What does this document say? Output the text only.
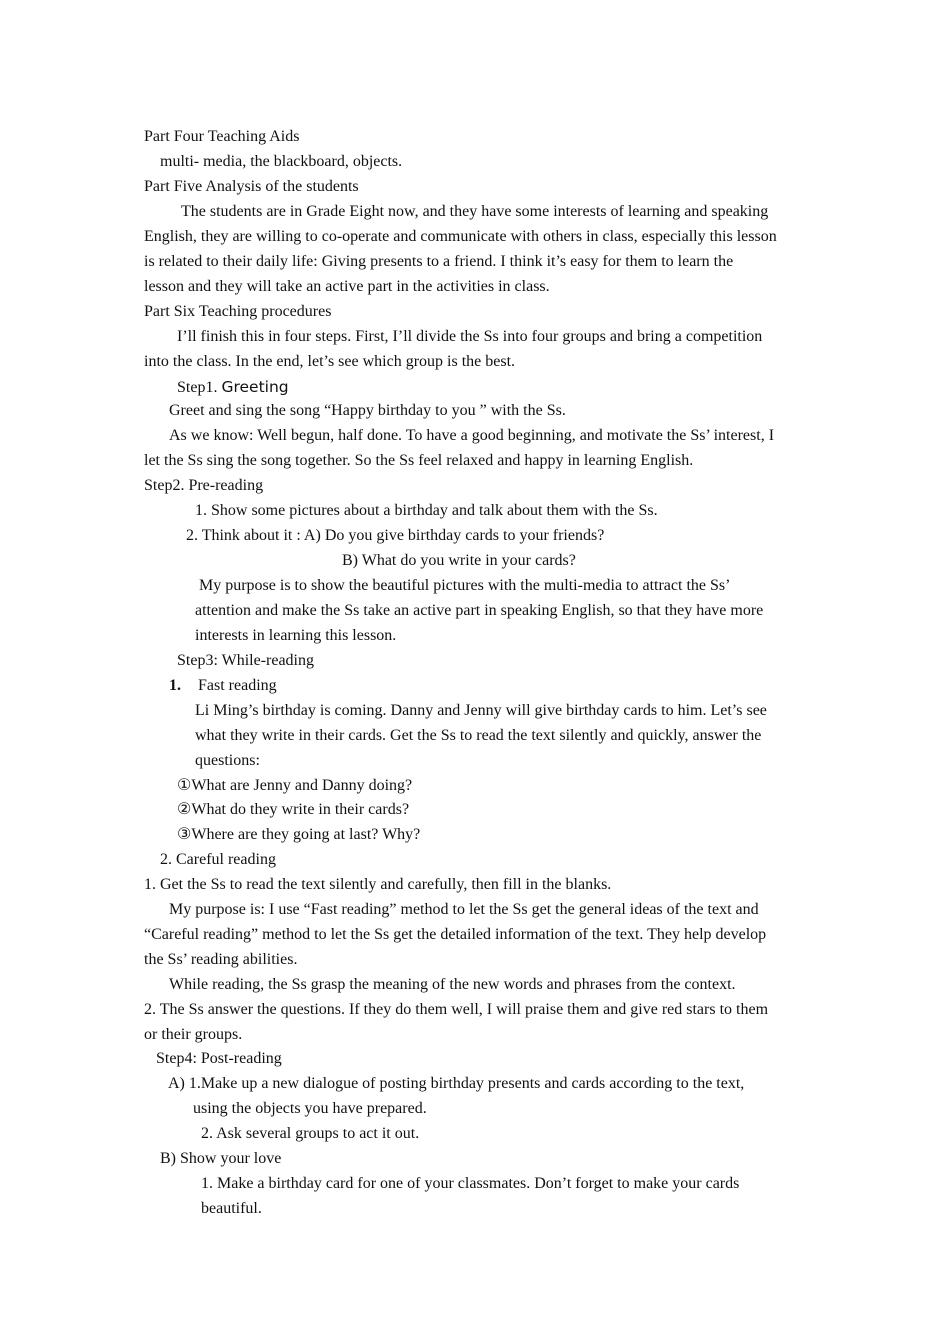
Part Four Teaching Aids
multi- media, the blackboard, objects.
Part Five Analysis of the students
The students are in Grade Eight now, and they have some interests of learning and speaking
English, they are willing to co-operate and communicate with others in class, especially this lesson
is related to their daily life: Giving presents to a friend. I think it’s easy for them to learn the
lesson and they will take an active part in the activities in class.
Part Six Teaching procedures
I’ll finish this in four steps. First, I’ll divide the Ss into four groups and bring a competition
into the class. In the end, let’s see which group is the best.
Step1. Greeting
Greet and sing the song “Happy birthday to you ” with the Ss.
As we know: Well begun, half done. To have a good beginning, and motivate the Ss’ interest, I
let the Ss sing the song together. So the Ss feel relaxed and happy in learning English.
Step2. Pre-reading
1. Show some pictures about a birthday and talk about them with the Ss.
2. Think about it : A) Do you give birthday cards to your friends?
B) What do you write in your cards?
My purpose is to show the beautiful pictures with the multi-media to attract the Ss’
attention and make the Ss take an active part in speaking English, so that they have more
interests in learning this lesson.
Step3: While-reading
1. Fast reading
Li Ming’s birthday is coming. Danny and Jenny will give birthday cards to him. Let’s see
what they write in their cards. Get the Ss to read the text silently and quickly, answer the
questions:
①What are Jenny and Danny doing?
②What do they write in their cards?
③Where are they going at last? Why?
2. Careful reading
1. Get the Ss to read the text silently and carefully, then fill in the blanks.
My purpose is: I use “Fast reading” method to let the Ss get the general ideas of the text and
“Careful reading” method to let the Ss get the detailed information of the text. They help develop
the Ss’ reading abilities.
While reading, the Ss grasp the meaning of the new words and phrases from the context.
2. The Ss answer the questions. If they do them well, I will praise them and give red stars to them
or their groups.
Step4: Post-reading
A) 1.Make up a new dialogue of posting birthday presents and cards according to the text,
using the objects you have prepared.
2. Ask several groups to act it out.
B) Show your love
1. Make a birthday card for one of your classmates. Don’t forget to make your cards
beautiful.
